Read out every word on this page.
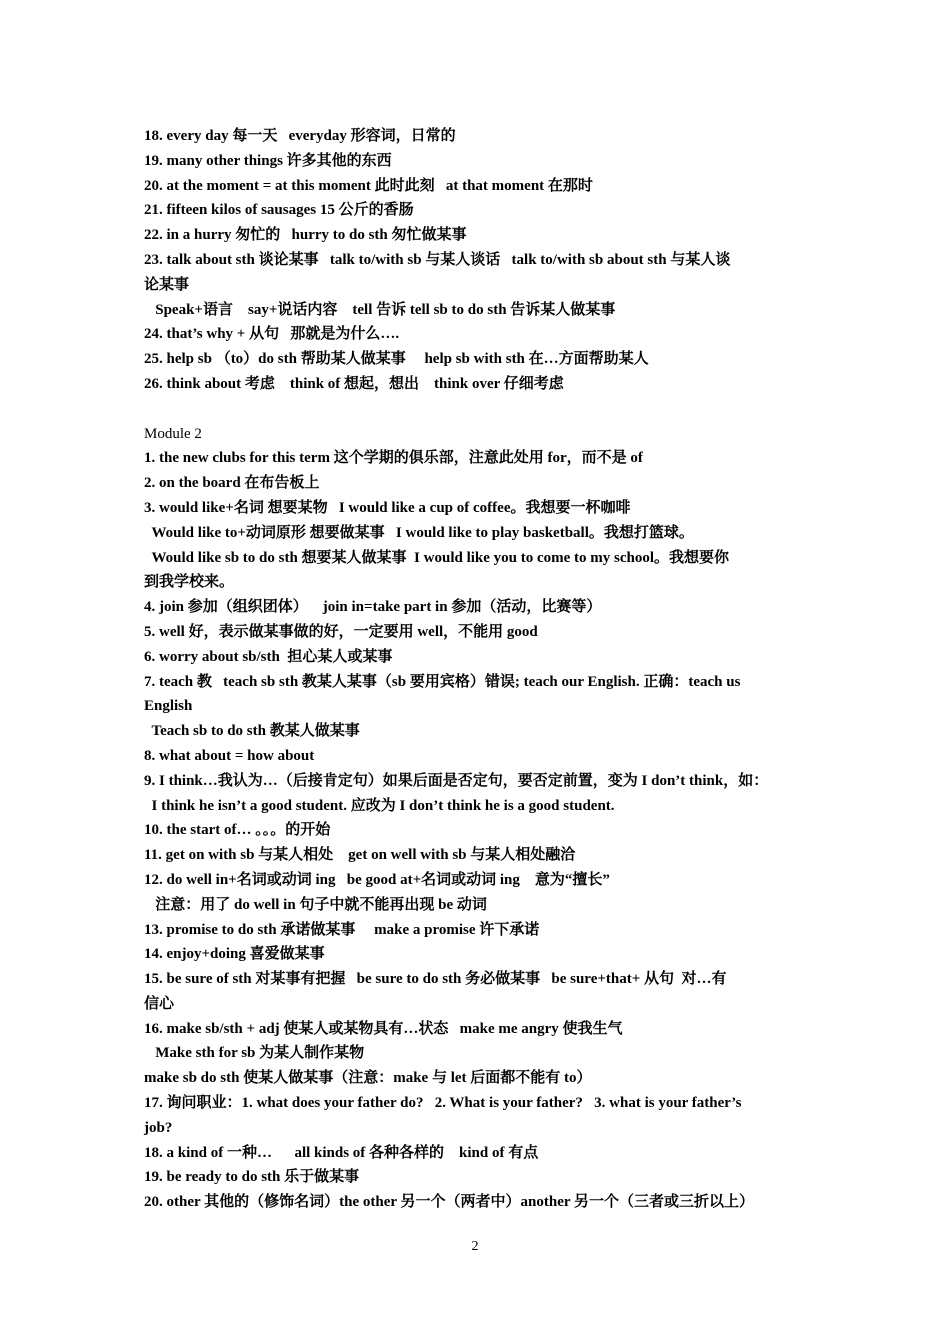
18. every day 每一天   everyday 形容词，日常的

19. many other things 许多其他的东西

20. at the moment = at this moment 此时此刻   at that moment 在那时

21. fifteen kilos of sausages 15 公斤的香肠

22. in a hurry 匆忙的   hurry to do sth 匆忙做某事

23. talk about sth 谈论某事   talk to/with sb 与某人谈话   talk to/with sb about sth 与某人谈

论某事

Speak+语言    say+说话内容    tell 告诉 tell sb to do sth 告诉某人做某事

24. that’s why + 从句   那就是为什么….

25. help sb （to）do sth 帮助某人做某事     help sb with sth 在…方面帮助某人

26. think about 考虑    think of 想起，想出    think over 仔细考虑

Module 2

1. the new clubs for this term 这个学期的俱乐部，注意此处用 for，而不是 of

2. on the board 在布告板上

3. would like+名词 想要某物   I would like a cup of coffee。我想要一杯咖啡

Would like to+动词原形 想要做某事   I would like to play basketball。我想打篮球。

Would like sb to do sth 想要某人做某事  I would like you to come to my school。我想要你

到我学校来。

4. join 参加（组织团体）    join in=take part in 参加（活动，比赛等）

5. well 好，表示做某事做的好，一定要用 well，不能用 good

6. worry about sb/sth  担心某人或某事

7. teach 教   teach sb sth 教某人某事（sb 要用宾格）错误; teach our English. 正确：teach us

English

Teach sb to do sth 教某人做某事

8. what about = how about

9. I think…我认为…（后接肯定句）如果后面是否定句，要否定前置，变为 I don’t think，如：

I think he isn’t a good student. 应改为 I don’t think he is a good student.

10. the start of… 。。。的开始

11. get on with sb 与某人相处    get on well with sb 与某人相处融洽

12. do well in+名词或动词 ing   be good at+名词或动词 ing    意为“擅长”

注意：用了 do well in 句子中就不能再出现 be 动词

13. promise to do sth 承诺做某事     make a promise 许下承诺

14. enjoy+doing 喜爱做某事

15. be sure of sth 对某事有把握   be sure to do sth 务必做某事   be sure+that+ 从句  对…有

信心

16. make sb/sth + adj 使某人或某物具有…状态   make me angry 使我生气

Make sth for sb 为某人制作某物

make sb do sth 使某人做某事（注意：make 与 let 后面都不能有 to）

17. 询问职业：1. what does your father do?   2. What is your father?   3. what is your father’s

job?

18. a kind of 一种…      all kinds of 各种各样的    kind of 有点

19. be ready to do sth 乐于做某事

20. other 其他的（修饰名词）the other 另一个（两者中）another 另一个（三者或三折以上）

2
